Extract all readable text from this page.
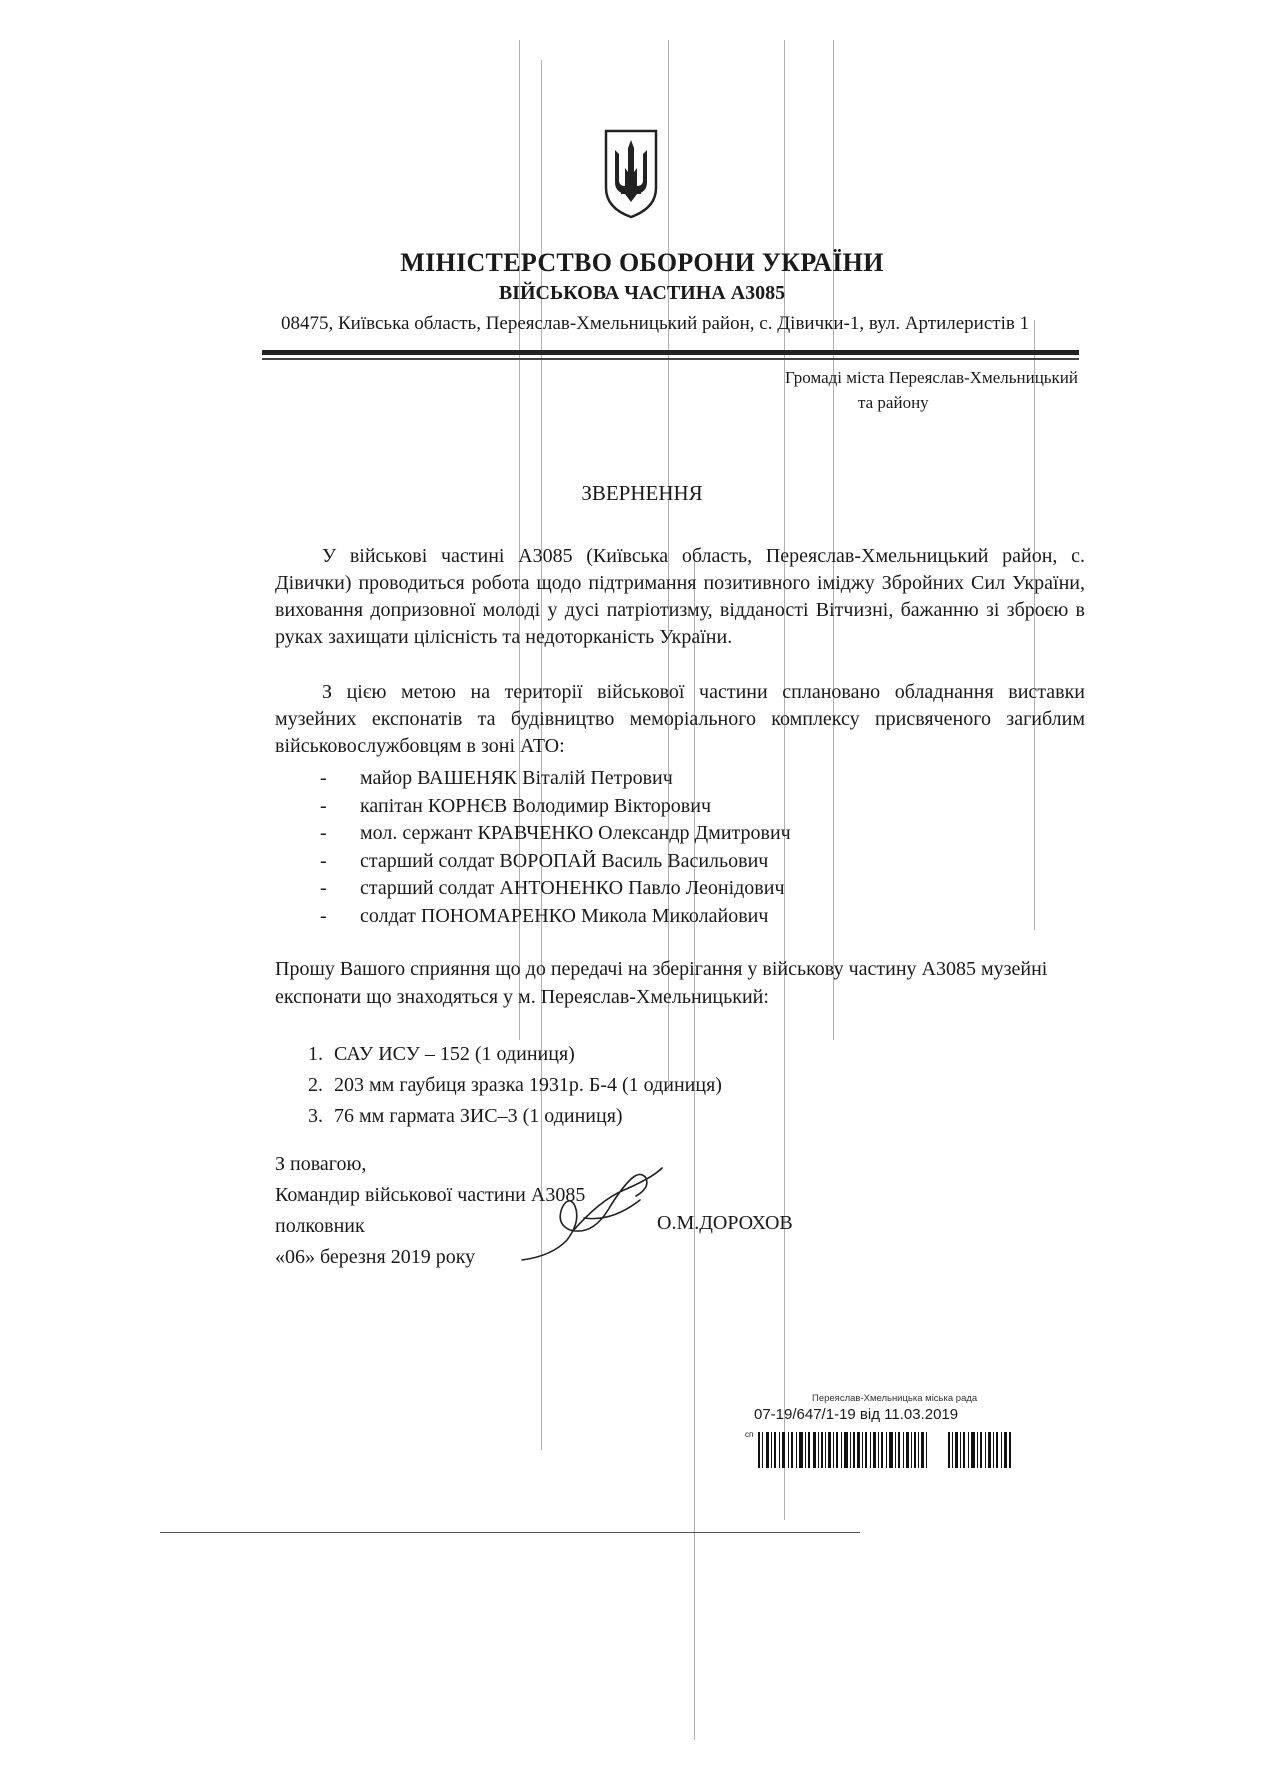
МІНІСТЕРСТВО ОБОРОНИ УКРАЇНИ
ВІЙСЬКОВА ЧАСТИНА А3085
08475, Київська область, Переяслав-Хмельницький район, с. Дівички-1, вул. Артилеристів 1
Громаді міста Переяслав-Хмельницький
та району
ЗВЕРНЕННЯ
У військові частині А3085 (Київська область, Переяслав-Хмельницький район, с. Дівички) проводиться робота щодо підтримання позитивного іміджу Збройних Сил України, виховання допризовної молоді у дусі патріотизму, відданості Вітчизні, бажанню зі зброєю в руках захищати цілісність та недоторканість України.
З цією метою на території військової частини сплановано обладнання виставки музейних експонатів та будівництво меморіального комплексу присвяченого загиблим військовослужбовцям в зоні АТО:
- майор ВАШЕНЯК Віталій Петрович
- капітан КОРНЄВ Володимир Вікторович
- мол. сержант КРАВЧЕНКО Олександр Дмитрович
- старший солдат ВОРОПАЙ Василь Васильович
- старший солдат АНТОНЕНКО Павло Леонідович
- солдат ПОНОМАРЕНКО Микола Миколайович
Прошу Вашого сприяння що до передачі на зберігання у військову частину А3085 музейні експонати що знаходяться у м. Переяслав-Хмельницький:
1. САУ ИСУ – 152 (1 одиниця)
2. 203 мм гаубиця зразка 1931р. Б-4 (1 одиниця)
3. 76 мм гармата ЗИС–3 (1 одиниця)
З повагою,
Командир військової частини А3085
полковник
«06» березня 2019 року
О.М.ДОРОХОВ
Переяслав-Хмельницька міська рада
07-19/647/1-19 від 11.03.2019
сп
